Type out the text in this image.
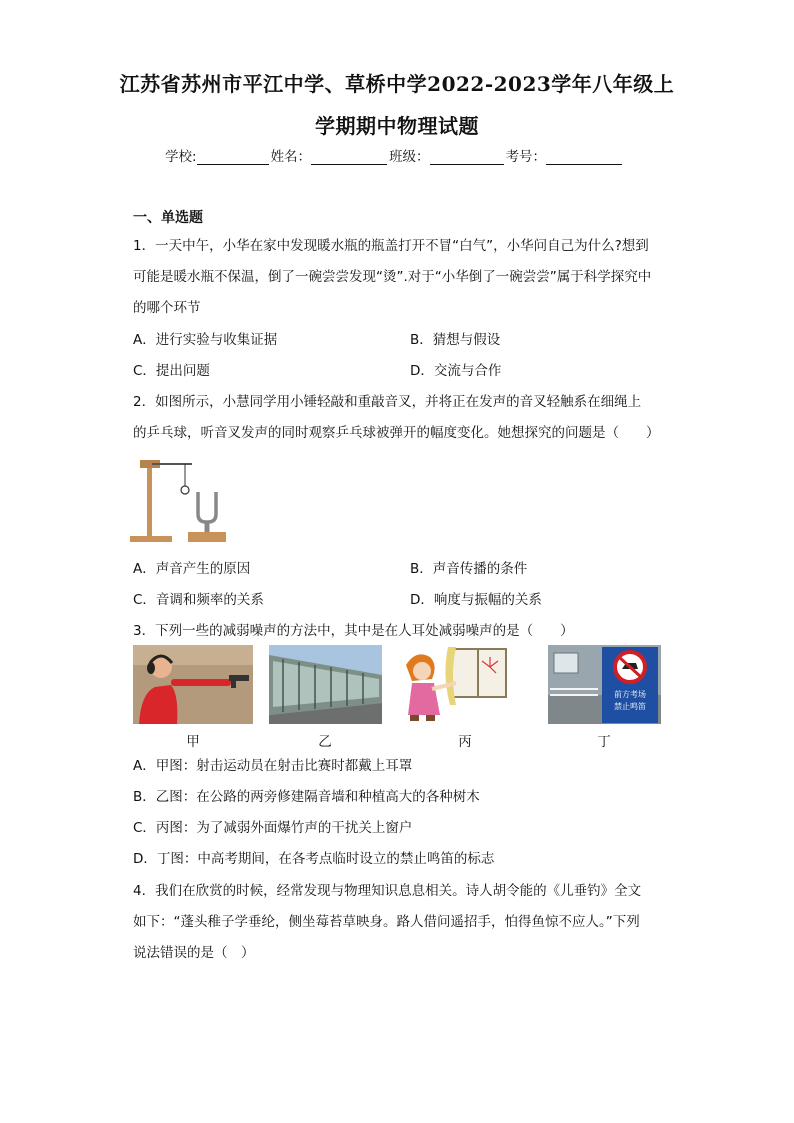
江苏省苏州市平江中学、草桥中学2022-2023学年八年级上
学期期中物理试题
学校:	姓名：	班级：	考号：
一、单选题
1．一天中午，小华在家中发现暖水瓶的瓶盖打开不冒“白气”，小华问自己为什么?想到
可能是暖水瓶不保温，倒了一碗尝尝发现“烫”.对于“小华倒了一碗尝尝”属于科学探究中
的哪个环节
A．进行实验与收集证据	B．猜想与假设
C．提出问题	D．交流与合作
2．如图所示，小慧同学用小锤轻敲和重敲音叉，并将正在发声的音叉轻触系在细绳上
的乒乓球，听音叉发声的同时观察乒乓球被弹开的幅度变化。她想探究的问题是（　　）
A．声音产生的原因	B．声音传播的条件
C．音调和频率的关系	D．响度与振幅的关系
3．下列一些的减弱噪声的方法中，其中是在人耳处减弱噪声的是（　　）
前方考场
禁止鸣笛
甲	乙	丙	丁
A．甲图：射击运动员在射击比赛时都戴上耳罩
B．乙图：在公路的两旁修建隔音墙和种植高大的各种树木
C．丙图：为了减弱外面爆竹声的干扰关上窗户
D．丁图：中高考期间，在各考点临时设立的禁止鸣笛的标志
4．我们在欣赏的时候，经常发现与物理知识息息相关。诗人胡令能的《儿垂钓》全文
如下：“蓬头稚子学垂纶，侧坐莓苔草映身。路人借问遥招手，怕得鱼惊不应人。”下列
说法错误的是（　）
